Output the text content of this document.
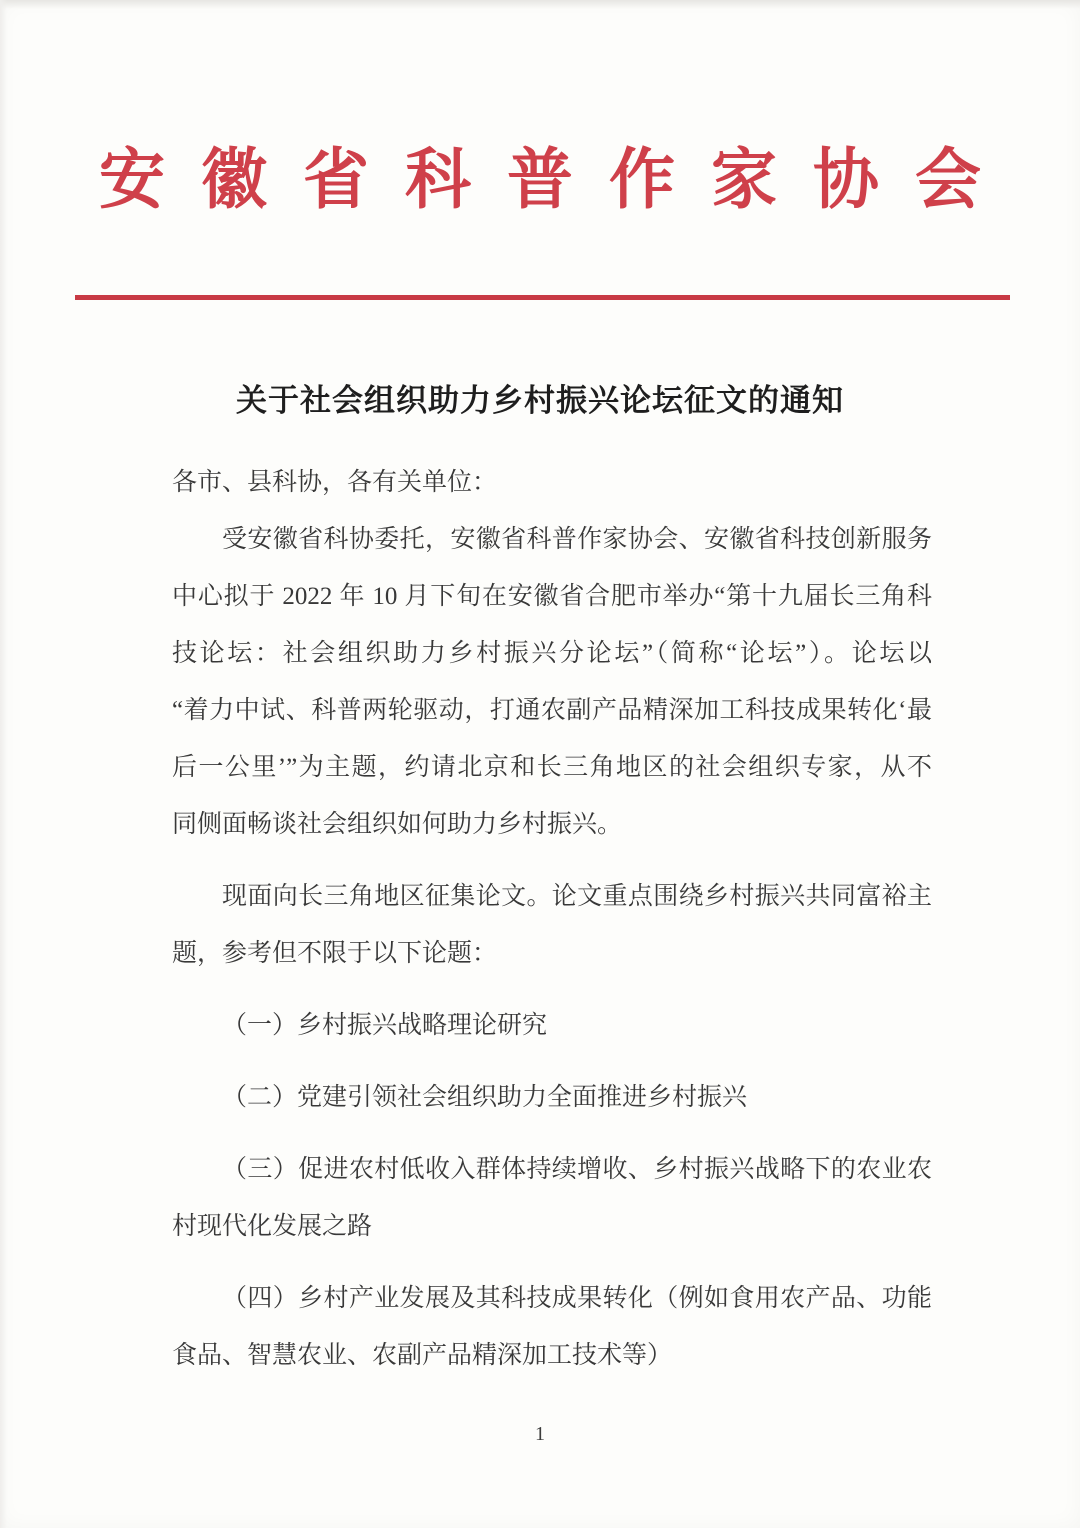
安徽省科普作家协会
关于社会组织助力乡村振兴论坛征文的通知
各市、县科协，各有关单位：
受安徽省科协委托，安徽省科普作家协会、安徽省科技创新服务
中心拟于 2022 年 10 月下旬在安徽省合肥市举办“第十九届长三角科
技论坛：社会组织助力乡村振兴分论坛”（简称“论坛”）。论坛以
“着力中试、科普两轮驱动，打通农副产品精深加工科技成果转化‘最
后一公里’”为主题，约请北京和长三角地区的社会组织专家，从不
同侧面畅谈社会组织如何助力乡村振兴。
现面向长三角地区征集论文。论文重点围绕乡村振兴共同富裕主
题，参考但不限于以下论题：
（一）乡村振兴战略理论研究
（二）党建引领社会组织助力全面推进乡村振兴
（三）促进农村低收入群体持续增收、乡村振兴战略下的农业农
村现代化发展之路
（四）乡村产业发展及其科技成果转化（例如食用农产品、功能
食品、智慧农业、农副产品精深加工技术等）
1
